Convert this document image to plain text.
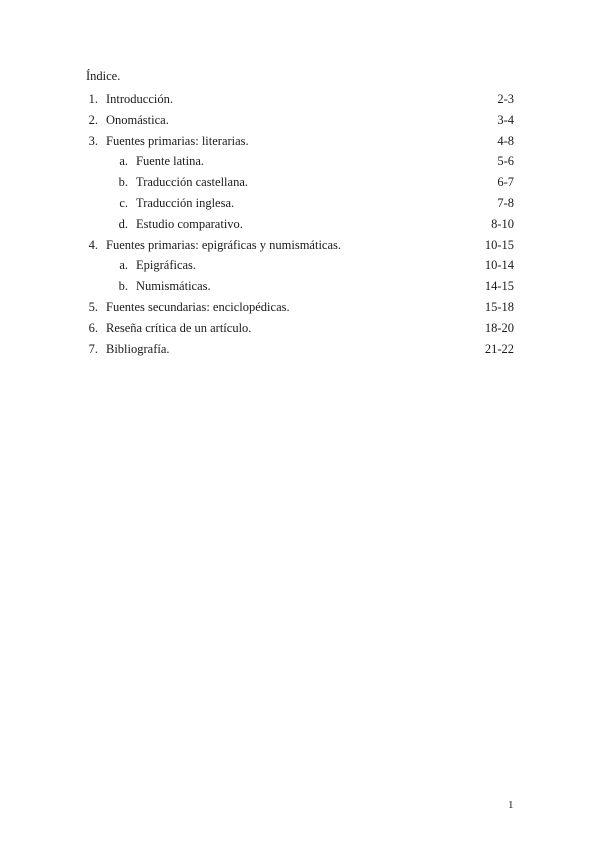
Índice.
1. Introducción.	2-3
2. Onomástica.	3-4
3. Fuentes primarias: literarias.	4-8
a. Fuente latina.	5-6
b. Traducción castellana.	6-7
c. Traducción inglesa.	7-8
d. Estudio comparativo.	8-10
4. Fuentes primarias: epigráficas y numismáticas.	10-15
a. Epigráficas.	10-14
b. Numismáticas.	14-15
5. Fuentes secundarias: enciclopédicas.	15-18
6. Reseña crítica de un artículo.	18-20
7. Bibliografía.	21-22
1
